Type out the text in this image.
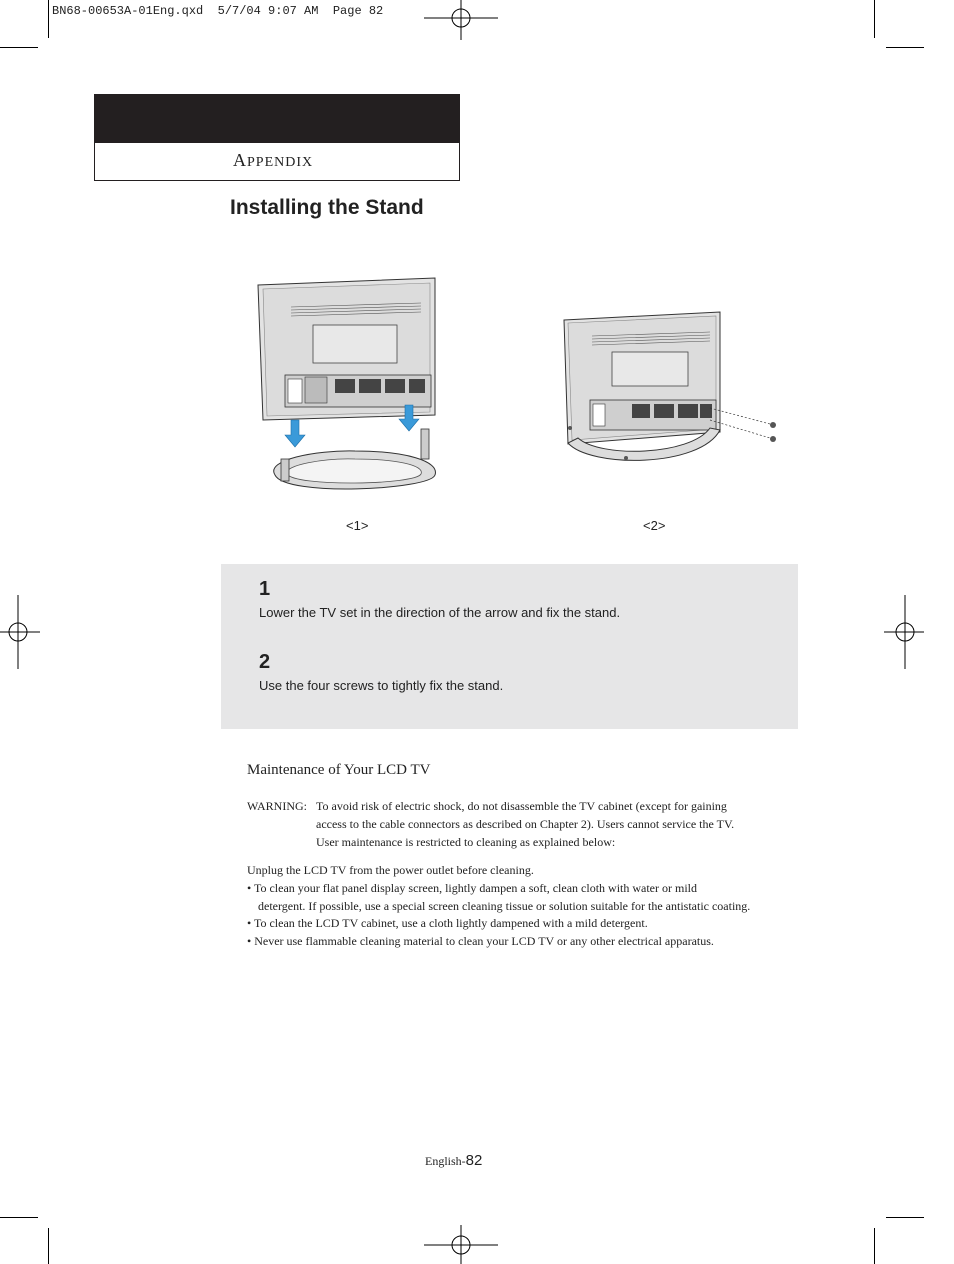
BN68-00653A-01Eng.qxd  5/7/04 9:07 AM  Page 82
APPENDIX
Installing the Stand
<1>	<2>
1
Lower the TV set in the direction of the arrow and fix the stand.
2
Use the four screws to tightly fix the stand.
Maintenance of Your LCD TV
WARNING: To avoid risk of electric shock, do not disassemble the TV cabinet (except for gaining
access to the cable connectors as described on Chapter 2). Users cannot service the TV.
User maintenance is restricted to cleaning as explained below:
Unplug the LCD TV from the power outlet before cleaning.
• To clean your flat panel display screen, lightly dampen a soft, clean cloth with water or mild
detergent. If possible, use a special screen cleaning tissue or solution suitable for the antistatic coating.
• To clean the LCD TV cabinet, use a cloth lightly dampened with a mild detergent.
• Never use flammable cleaning material to clean your LCD TV or any other electrical apparatus.
English-82
